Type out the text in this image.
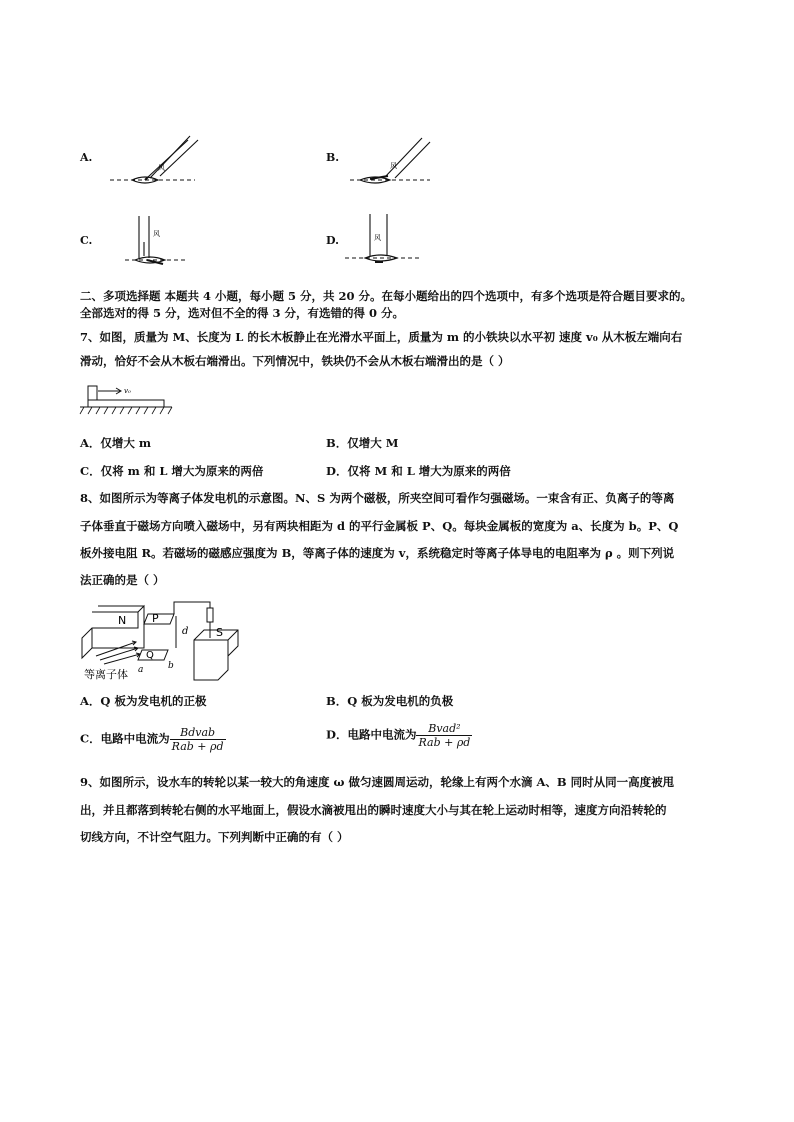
A.
风
B.
风
C.	风	D.	风
二、多项选择题 本题共 4 小题，每小题 5 分，共 20 分。在每小题给出的四个选项中，有多个选项是符合题目要求的。
全部选对的得 5 分，选对但不全的得 3 分，有选错的得 0 分。
7、如图，质量为 M、长度为 L 的长木板静止在光滑水平面上，质量为 m 的小铁块以水平初 速度 v₀ 从木板左端向右
滑动，恰好不会从木板右端滑出。下列情况中，铁块仍不会从木板右端滑出的是（ ）
v₀
A．仅增大 m	B．仅增大 M
C．仅将 m 和 L 增大为原来的两倍	D．仅将 M 和 L 增大为原来的两倍
8、如图所示为等离子体发电机的示意图。N、S 为两个磁极，所夹空间可看作匀强磁场。一束含有正、负离子的等离
子体垂直于磁场方向喷入磁场中，另有两块相距为 d 的平行金属板 P、Q。每块金属板的宽度为 a、长度为 b。P、Q
板外接电阻 R。若磁场的磁感应强度为 B，等离子体的速度为 v，系统稳定时等离子体导电的电阻率为 ρ 。则下列说
法正确的是（ ）
N P
Q
d	S
a	b
等离子体
A．Q 板为发电机的正极	B．Q 板为发电机的负极
C．电路中电流为 $\frac{\text{Bdvab}}{\text{Rab + ρd}}$	D．电路中电流为 $\frac{\text{Bvad²}}{\text{Rab + ρd}}$
9、如图所示，设水车的转轮以某一较大的角速度 ω 做匀速圆周运动，轮缘上有两个水滴 A、B 同时从同一高度被甩
出，并且都落到转轮右侧的水平地面上，假设水滴被甩出的瞬时速度大小与其在轮上运动时相等，速度方向沿转轮的
切线方向，不计空气阻力。下列判断中正确的有（ ）
